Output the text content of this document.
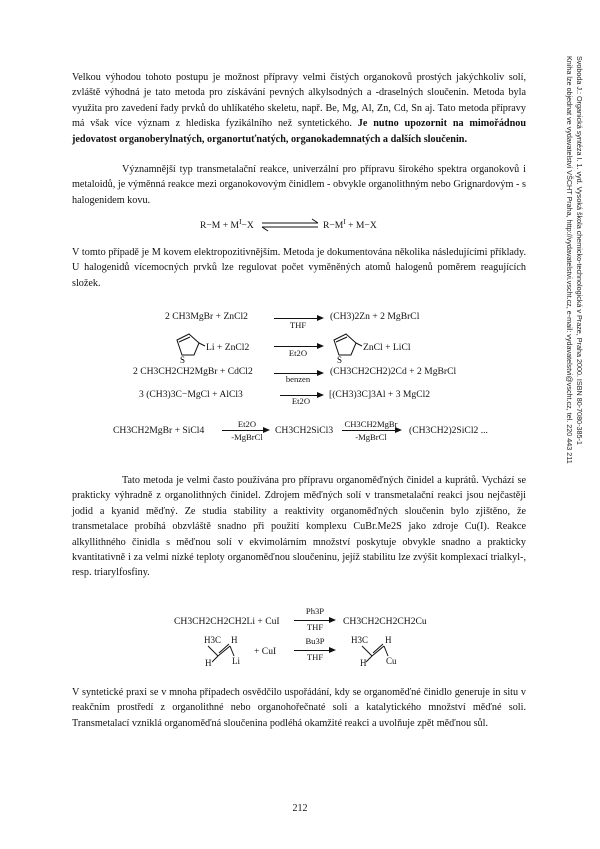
Svoboda J.: Organická syntéza I. 1. vyd. Vysoká škola chemicko-technologická v Praze, Praha 2000. ISBN 80-7080-385-1
Kniha lze objednat ve vydavatelství VŠCHT Praha, http://vydavatelstvi.vscht.cz, e-mail: vydavatelstvi@vscht.cz, tel. 220 443 211

Velkou výhodou tohoto postupu je možnost přípravy velmi čistých organokovů prostých jakýchkoliv solí, zvláště výhodná je tato metoda pro získávání pevných alkylsodných a -draselných sloučenin. Metoda byla využita pro zavedení řady prvků do uhlíkatého skeletu, např. Be, Mg, Al, Zn, Cd, Sn aj. Tato metoda přípravy má však více význam z hlediska fyzikálního než syntetického. Je nutno upozornit na mimořádnou jedovatost organoberylnatých, organortuťnatých, organokademnatých a dalších sloučenin.

Významnější typ transmetalační reakce, univerzální pro přípravu širokého spektra organokovů i metaloidů, je výměnná reakce mezi organokovovým činidlem - obvykle organolithným nebo Grignardovým - s halogenidem kovu.

$R-M + M^I-X$	$R-M^I + M-X$

V tomto případě je M kovem elektropozitivnějším. Metoda je dokumentována několika následujícími příklady. U halogenidů vícemocných prvků lze regulovat počet vyměněných atomů halogenů poměrem reagujících složek.

2 CH3MgBr + ZnCl2
THF
(CH3)2Zn + 2 MgBrCl
S	S
Li + ZnCl2	Et2O	ZnCl + LiCl
2 CH3CH2CH2MgBr + CdCl2 →
benzen
(CH3CH2CH2)2Cd + 2 MgBrCl
3 (CH3)3C−MgCl + AlCl3
Et2O
[(CH3)3C]3Al + 3 MgCl2
CH3CH2MgBr + SiCl4
Et2O
-MgBrCl
CH3CH2SiCl3
CH3CH2MgBr
-MgBrCl
(CH3CH2)2SiCl2 ...

Tato metoda je velmi často používána pro přípravu organoměďných činidel a kuprátů. Vychází se prakticky výhradně z organolithných činidel. Zdrojem měďných solí v transmetalační reakci jsou nejčastěji jodid a kyanid měďný. Ze studia stability a reaktivity organoměďných sloučenin bylo zjištěno, že transmetalace probíhá obzvláště snadno při použití komplexu CuBr.Me2S jako zdroje Cu(I). Reakce alkyllithného činidla s měďnou solí v ekvimolárním množství poskytuje obvykle snadno a prakticky kvantitativně i za velmi nízké teploty organoměďnou sloučeninu, jejíž stabilitu lze zvýšit komplexací trialkyl-, resp. triarylfosfiny.

CH3CH2CH2CH2Li + CuI
Ph3P
THF	CH3CH2CH2CH2Cu
H3C H
H Li
+ CuI
Bu3P
THF
H3C H
H Cu

V syntetické praxi se v mnoha případech osvědčilo uspořádání, kdy se organoměďné činidlo generuje in situ v reakčním prostředí z organolithné nebo organohořečnaté soli a katalytického množství měďné soli. Transmetalací vzniklá organoměďná sloučenina podléhá okamžité reakci a uvolňuje zpět měďnou sůl.

212
